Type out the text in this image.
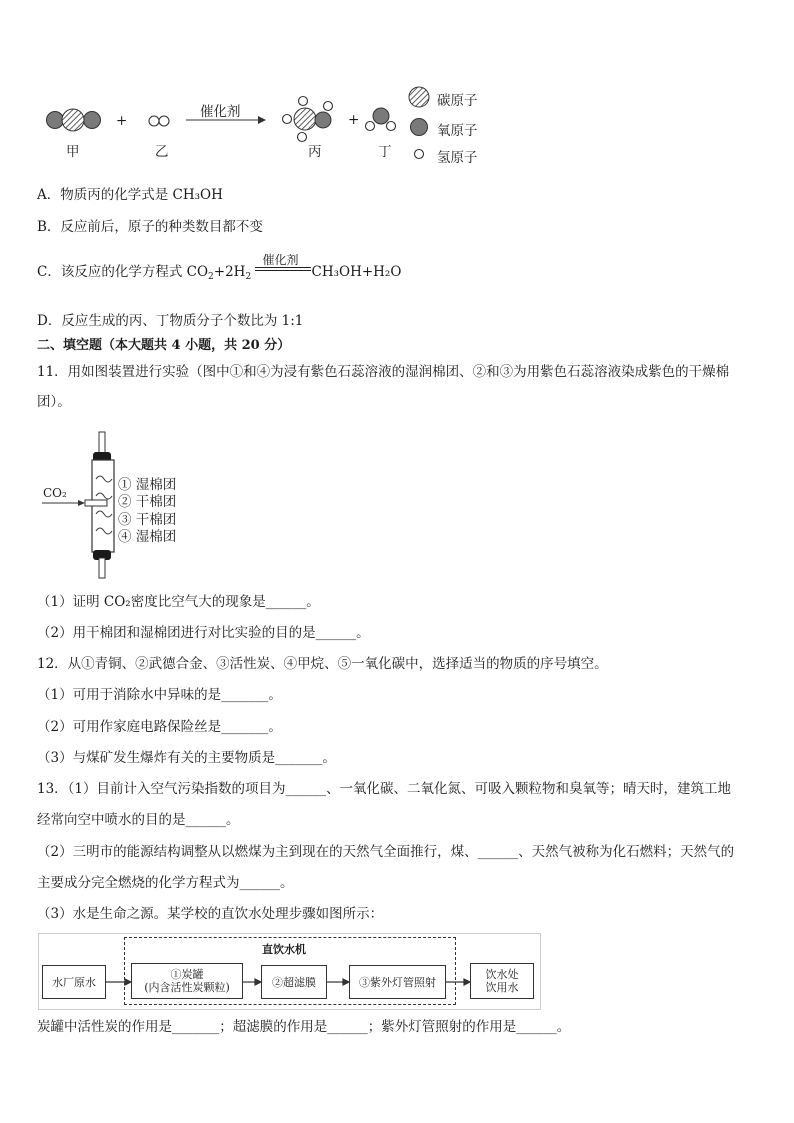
催化剂
+	+
甲	乙	丙	丁
碳原子
氧原子
氢原子
A．物质丙的化学式是 CH₃OH
B．反应前后，原子的种类数目都不变
C．该反应的化学方程式 $CO_2+2H_2$
催化剂
CH₃OH+H₂O
D．反应生成的丙、丁物质分子个数比为 1:1
二、填空题（本大题共 4 小题，共 20 分）
11．用如图装置进行实验（图中①和④为浸有紫色石蕊溶液的湿润棉团、②和③为用紫色石蕊溶液染成紫色的干燥棉
团）。
CO₂	① 湿棉团
② 干棉团
③ 干棉团
④ 湿棉团
（1）证明 CO₂密度比空气大的现象是______。
（2）用干棉团和湿棉团进行对比实验的目的是______。
12．从①青铜、②武德合金、③活性炭、④甲烷、⑤一氧化碳中，选择适当的物质的序号填空。
（1）可用于消除水中异味的是_______。
（2）可用作家庭电路保险丝是_______。
（3）与煤矿发生爆炸有关的主要物质是_______。
13．（1）目前计入空气污染指数的项目为______、一氧化碳、二氧化氮、可吸入颗粒物和臭氧等；晴天时，建筑工地
经常向空中喷水的目的是______。
（2）三明市的能源结构调整从以燃煤为主到现在的天然气全面推行，煤、______、天然气被称为化石燃料；天然气的
主要成分完全燃烧的化学方程式为______。
（3）水是生命之源。某学校的直饮水处理步骤如图所示：
直饮水机
水厂原水
①炭罐
(内含活性炭颗粒)	②超滤膜	③紫外灯管照射
饮水处
饮用水
炭罐中活性炭的作用是_______；超滤膜的作用是______；紫外灯管照射的作用是______。
